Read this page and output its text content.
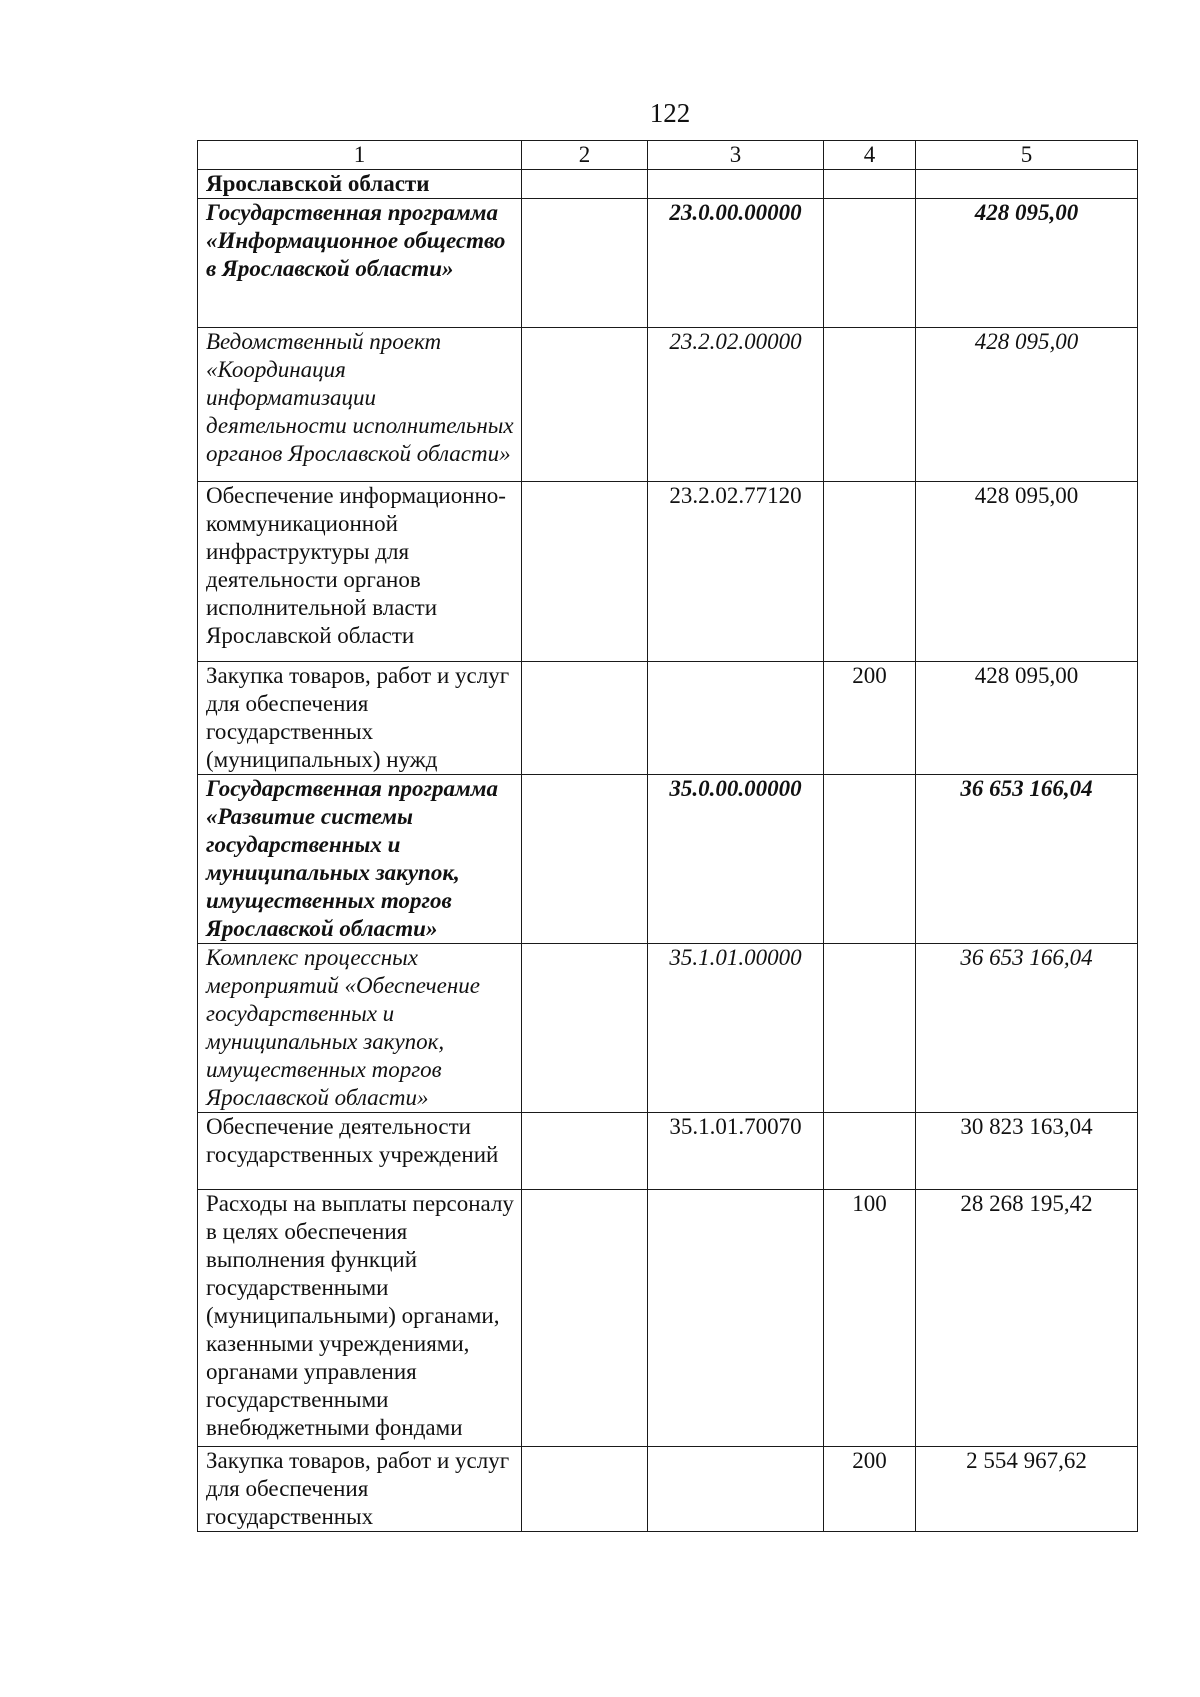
122
1	2	3	4	5
Ярославской области				
Государственная программа «Информационное общество в Ярославской области»		23.0.00.00000		428 095,00
Ведомственный проект «Координация информатизации деятельности исполнительных органов Ярославской области»		23.2.02.00000		428 095,00
Обеспечение информационно-коммуникационной инфраструктуры для деятельности органов исполнительной власти Ярославской области		23.2.02.77120		428 095,00
Закупка товаров, работ и услуг для обеспечения государственных (муниципальных) нужд			200	428 095,00
Государственная программа «Развитие системы государственных и муниципальных закупок, имущественных торгов Ярославской области»		35.0.00.00000		36 653 166,04
Комплекс процессных мероприятий «Обеспечение государственных и муниципальных закупок, имущественных торгов Ярославской области»		35.1.01.00000		36 653 166,04
Обеспечение деятельности государственных учреждений		35.1.01.70070		30 823 163,04
Расходы на выплаты персоналу в целях обеспечения выполнения функций государственными (муниципальными) органами, казенными учреждениями, органами управления государственными внебюджетными фондами			100	28 268 195,42
Закупка товаров, работ и услуг для обеспечения государственных			200	2 554 967,62
